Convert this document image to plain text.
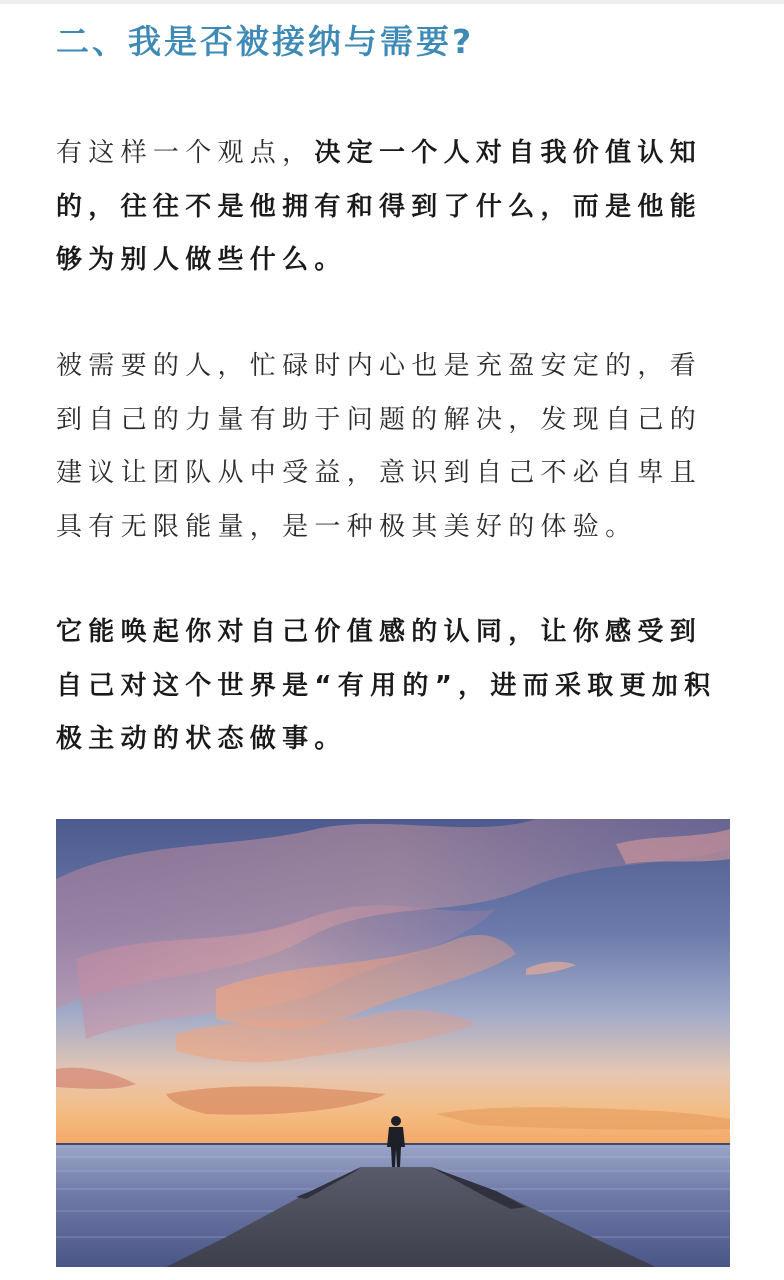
二、我是否被接纳与需要?

有这样一个观点，决定一个人对自我价值认知的，往往不是他拥有和得到了什么，而是他能够为别人做些什么。

被需要的人，忙碌时内心也是充盈安定的，看到自己的力量有助于问题的解决，发现自己的建议让团队从中受益，意识到自己不必自卑且具有无限能量，是一种极其美好的体验。

它能唤起你对自己价值感的认同，让你感受到自己对这个世界是“有用的”，进而采取更加积极主动的状态做事。
